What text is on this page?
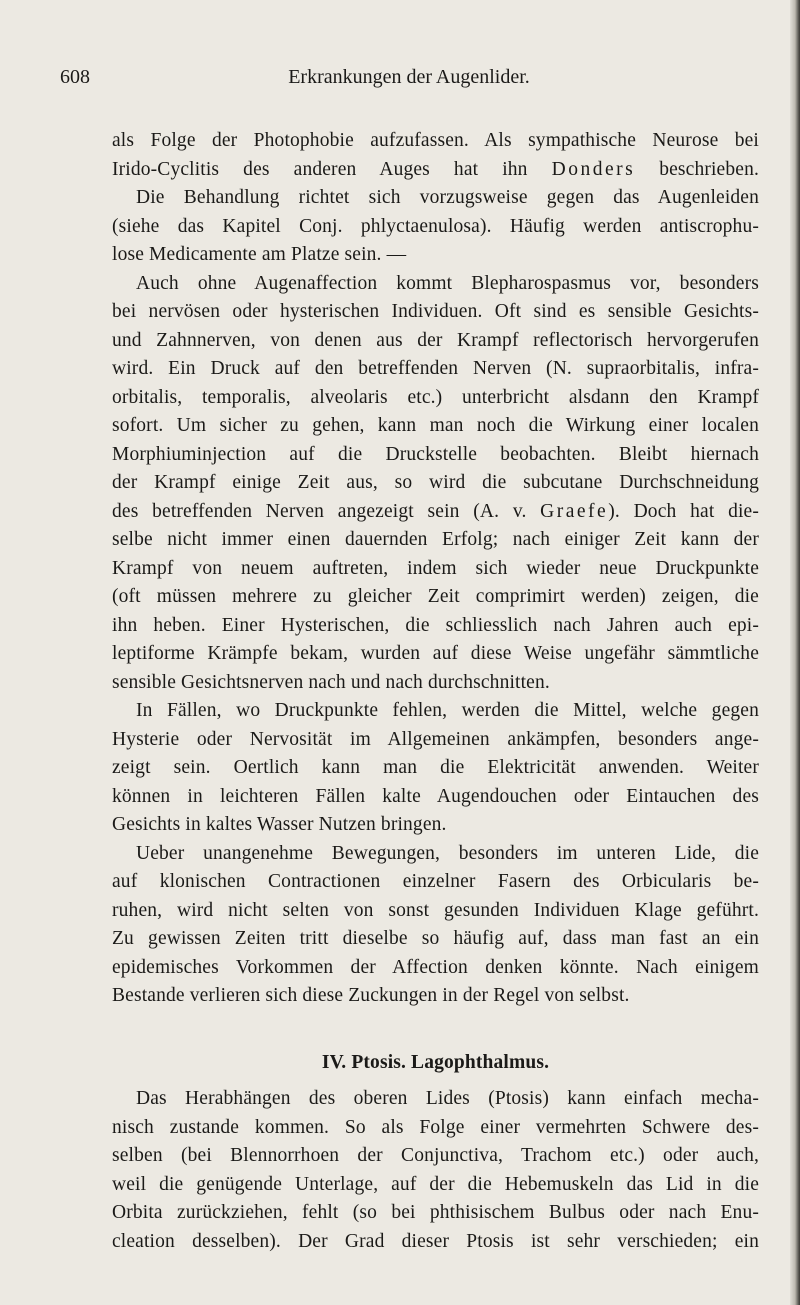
608	Erkrankungen der Augenlider.
als Folge der Photophobie aufzufassen. Als sympathische Neurose bei
Irido-Cyclitis des anderen Auges hat ihn Donders beschrieben.
Die Behandlung richtet sich vorzugsweise gegen das Augenleiden
(siehe das Kapitel Conj. phlyctaenulosa). Häufig werden antiscrophu-
lose Medicamente am Platze sein. —
Auch ohne Augenaffection kommt Blepharospasmus vor, besonders
bei nervösen oder hysterischen Individuen. Oft sind es sensible Gesichts-
und Zahnnerven, von denen aus der Krampf reflectorisch hervorgerufen
wird. Ein Druck auf den betreffenden Nerven (N. supraorbitalis, infra-
orbitalis, temporalis, alveolaris etc.) unterbricht alsdann den Krampf
sofort. Um sicher zu gehen, kann man noch die Wirkung einer localen
Morphiuminjection auf die Druckstelle beobachten. Bleibt hiernach
der Krampf einige Zeit aus, so wird die subcutane Durchschneidung
des betreffenden Nerven angezeigt sein (A. v. Graefe). Doch hat die-
selbe nicht immer einen dauernden Erfolg; nach einiger Zeit kann der
Krampf von neuem auftreten, indem sich wieder neue Druckpunkte
(oft müssen mehrere zu gleicher Zeit comprimirt werden) zeigen, die
ihn heben. Einer Hysterischen, die schliesslich nach Jahren auch epi-
leptiforme Krämpfe bekam, wurden auf diese Weise ungefähr sämmtliche
sensible Gesichtsnerven nach und nach durchschnitten.
In Fällen, wo Druckpunkte fehlen, werden die Mittel, welche gegen
Hysterie oder Nervosität im Allgemeinen ankämpfen, besonders ange-
zeigt sein. Oertlich kann man die Elektricität anwenden. Weiter
können in leichteren Fällen kalte Augendouchen oder Eintauchen des
Gesichts in kaltes Wasser Nutzen bringen.
Ueber unangenehme Bewegungen, besonders im unteren Lide, die
auf klonischen Contractionen einzelner Fasern des Orbicularis be-
ruhen, wird nicht selten von sonst gesunden Individuen Klage geführt.
Zu gewissen Zeiten tritt dieselbe so häufig auf, dass man fast an ein
epidemisches Vorkommen der Affection denken könnte. Nach einigem
Bestande verlieren sich diese Zuckungen in der Regel von selbst.
IV. Ptosis. Lagophthalmus.
Das Herabhängen des oberen Lides (Ptosis) kann einfach mecha-
nisch zustande kommen. So als Folge einer vermehrten Schwere des-
selben (bei Blennorrhoen der Conjunctiva, Trachom etc.) oder auch,
weil die genügende Unterlage, auf der die Hebemuskeln das Lid in die
Orbita zurückziehen, fehlt (so bei phthisischem Bulbus oder nach Enu-
cleation desselben). Der Grad dieser Ptosis ist sehr verschieden; ein
